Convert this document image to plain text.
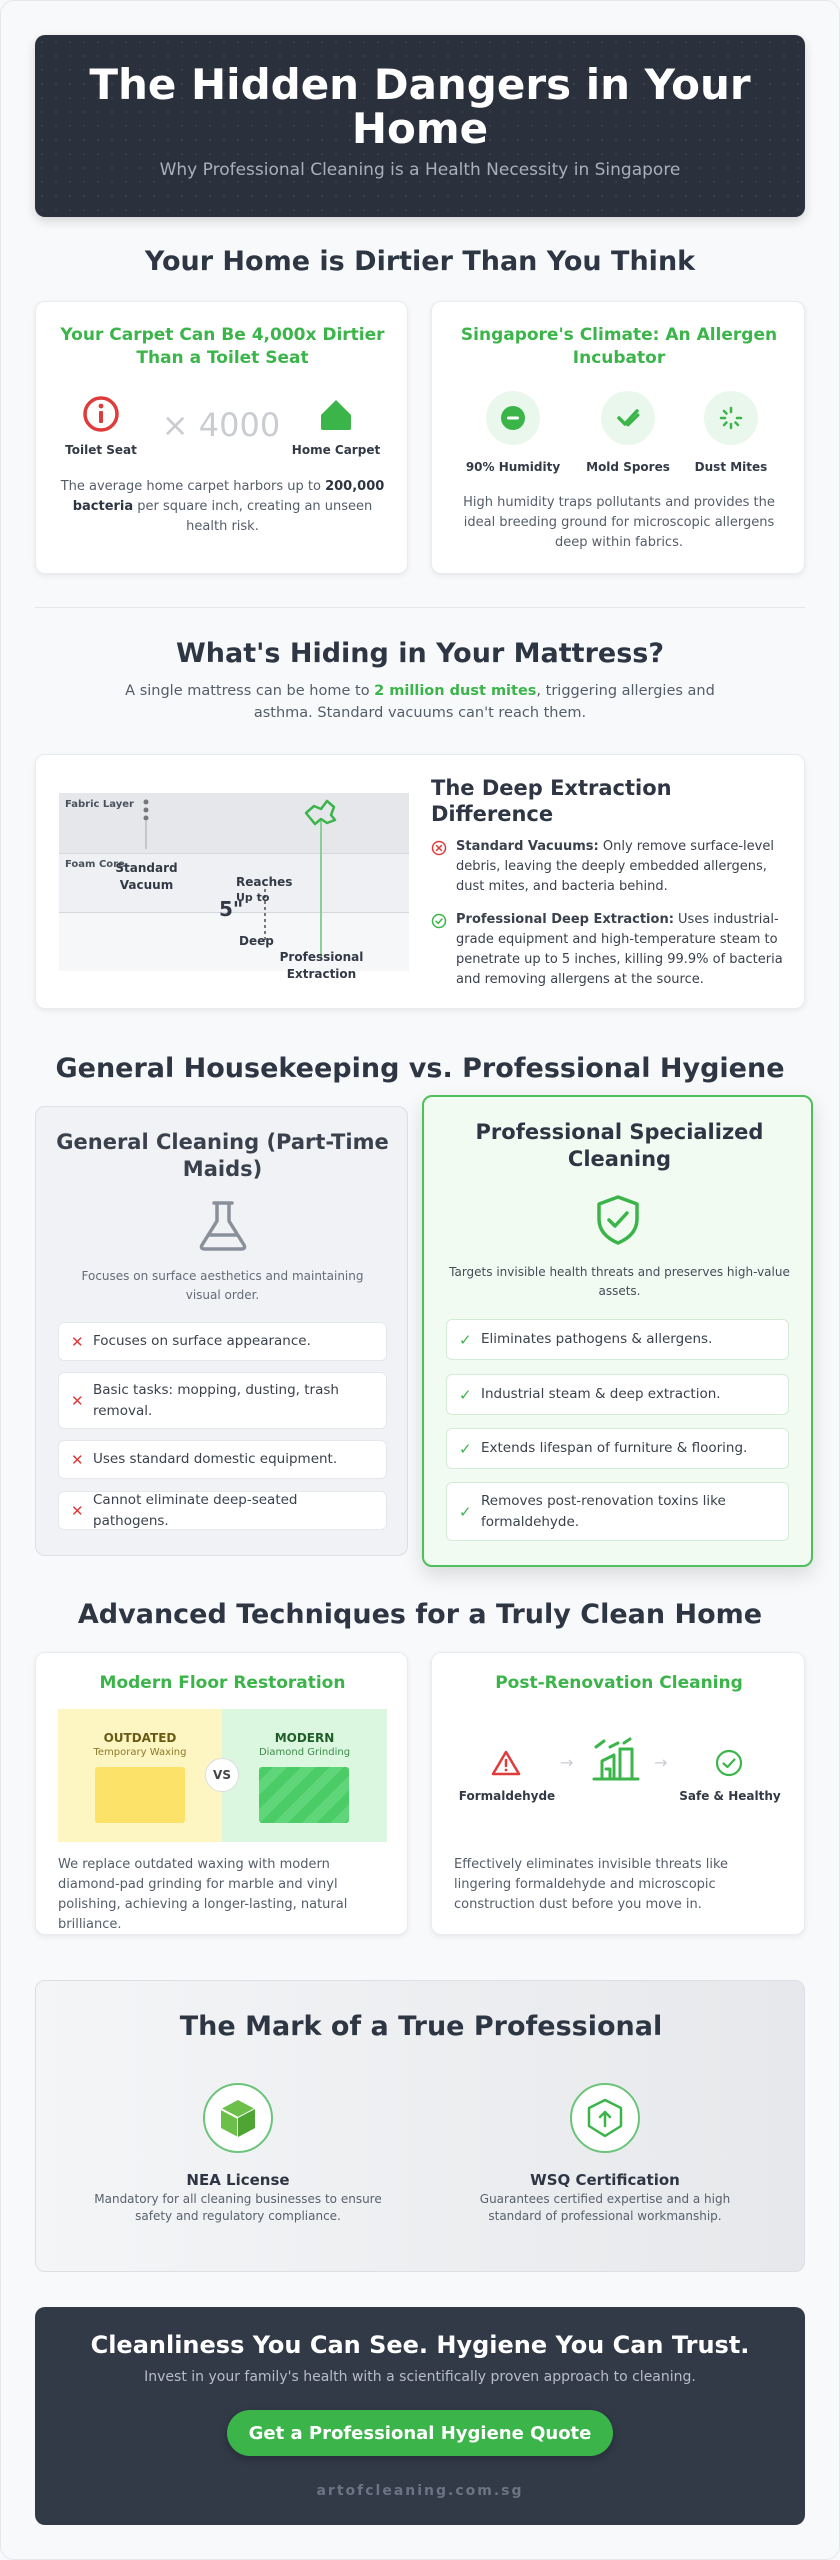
The Hidden Dangers in Your Home
Why Professional Cleaning is a Health Necessity in Singapore
Your Home is Dirtier Than You Think
Your Carpet Can Be 4,000x Dirtier Than a Toilet Seat
Toilet Seat
× 4000
Home Carpet
The average home carpet harbors up to 200,000 bacteria per square inch, creating an unseen health risk.
Singapore's Climate: An Allergen Incubator
90% Humidity	Mold Spores	Dust Mites
High humidity traps pollutants and provides the ideal breeding ground for microscopic allergens deep within fabrics.
What's Hiding in Your Mattress?
A single mattress can be home to 2 million dust mites, triggering allergies and asthma. Standard vacuums can't reach them.
Fabric Layer
Foam Core
Standard Vacuum	Reaches
5"
Up to
Deep
Professional Extraction
The Deep Extraction Difference
Standard Vacuums: Only remove surface-level debris, leaving the deeply embedded allergens, dust mites, and bacteria behind.
Professional Deep Extraction: Uses industrial-grade equipment and high-temperature steam to penetrate up to 5 inches, killing 99.9% of bacteria and removing allergens at the source.
General Housekeeping vs. Professional Hygiene
General Cleaning (Part-Time Maids)
Focuses on surface aesthetics and maintaining visual order.
✕ Focuses on surface appearance.
✕
Basic tasks: mopping, dusting, trash removal.
✕ Uses standard domestic equipment.
✕
Cannot eliminate deep-seated pathogens.
Professional Specialized Cleaning
Targets invisible health threats and preserves high-value assets.
✓ Eliminates pathogens & allergens.
✓ Industrial steam & deep extraction.
✓ Extends lifespan of furniture & flooring.
✓
Removes post-renovation toxins like formaldehyde.
Advanced Techniques for a Truly Clean Home
Modern Floor Restoration
OUTDATED
Temporary Waxing
MODERN
Diamond Grinding
VS
We replace outdated waxing with modern diamond-pad grinding for marble and vinyl polishing, achieving a longer-lasting, natural brilliance.
Post-Renovation Cleaning
Formaldehyde
→	→
Safe & Healthy
Effectively eliminates invisible threats like lingering formaldehyde and microscopic construction dust before you move in.
The Mark of a True Professional
NEA License
Mandatory for all cleaning businesses to ensure safety and regulatory compliance.
WSQ Certification
Guarantees certified expertise and a high standard of professional workmanship.
Cleanliness You Can See. Hygiene You Can Trust.
Invest in your family's health with a scientifically proven approach to cleaning.
artofcleaning.com.sg
Get a Professional Hygiene Quote
